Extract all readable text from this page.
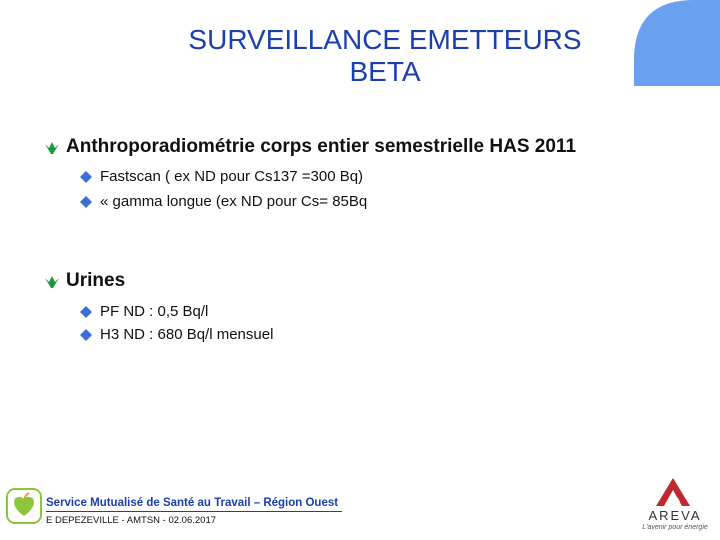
SURVEILLANCE EMETTEURS
BETA
Anthroporadiométrie corps entier semestrielle HAS 2011
Fastscan ( ex ND pour Cs137 =300 Bq)
« gamma longue (ex ND pour Cs= 85Bq
Urines
PF ND : 0,5 Bq/l
H3 ND : 680 Bq/l mensuel
Service Mutualisé de Santé au Travail – Région Ouest
E DEPEZEVILLE - AMTSN - 02.06.2017	AREVA
L'avenir pour énergie
